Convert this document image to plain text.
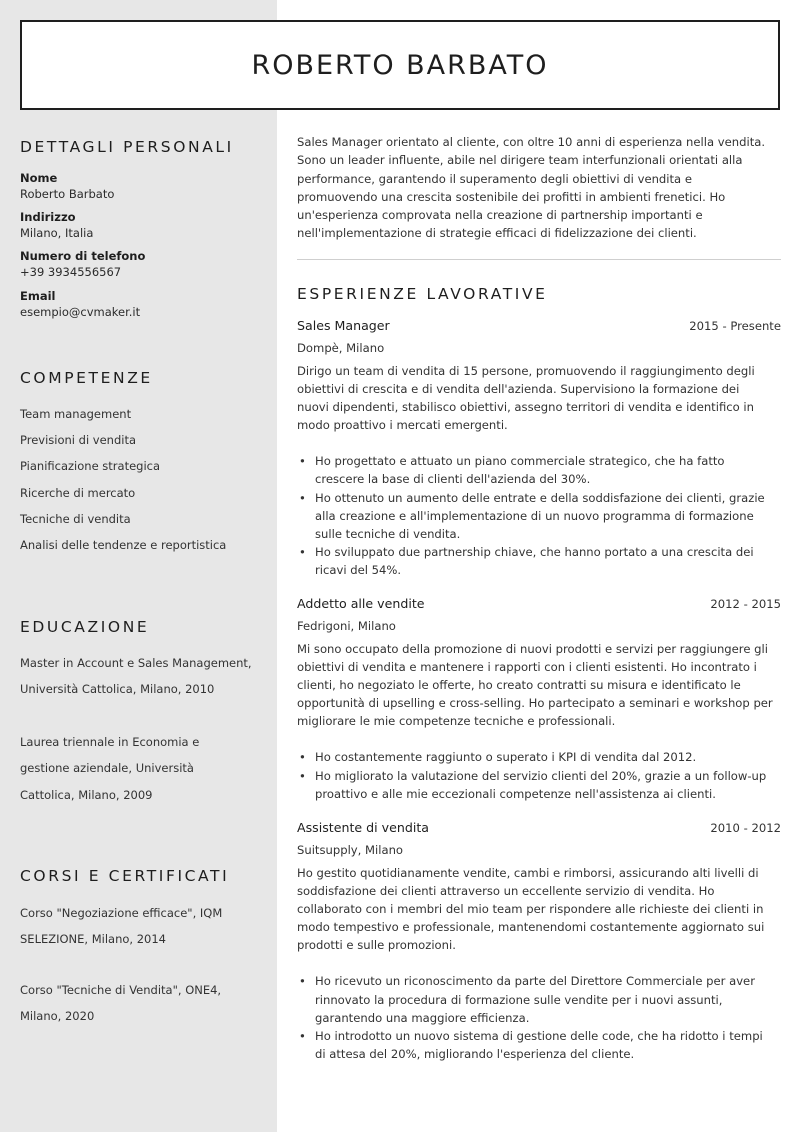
ROBERTO BARBATO
DETTAGLI PERSONALI
Nome
Roberto Barbato
Indirizzo
Milano, Italia
Numero di telefono
+39 3934556567
Email
esempio@cvmaker.it
COMPETENZE
Team management
Previsioni di vendita
Pianificazione strategica
Ricerche di mercato
Tecniche di vendita
Analisi delle tendenze e reportistica
EDUCAZIONE
Master in Account e Sales Management, Università Cattolica, Milano, 2010
Laurea triennale in Economia e gestione aziendale, Università Cattolica, Milano, 2009
CORSI E CERTIFICATI
Corso "Negoziazione efficace", IQM SELEZIONE, Milano, 2014
Corso "Tecniche di Vendita", ONE4, Milano, 2020

Sales Manager orientato al cliente, con oltre 10 anni di esperienza nella vendita. Sono un leader influente, abile nel dirigere team interfunzionali orientati alla performance, garantendo il superamento degli obiettivi di vendita e promuovendo una crescita sostenibile dei profitti in ambienti frenetici. Ho un'esperienza comprovata nella creazione di partnership importanti e nell'implementazione di strategie efficaci di fidelizzazione dei clienti.

ESPERIENZE LAVORATIVE
Sales Manager	2015 - Presente
Dompè, Milano

Dirigo un team di vendita di 15 persone, promuovendo il raggiungimento degli obiettivi di crescita e di vendita dell'azienda. Supervisiono la formazione dei nuovi dipendenti, stabilisco obiettivi, assegno territori di vendita e identifico in modo proattivo i mercati emergenti.

• Ho progettato e attuato un piano commerciale strategico, che ha fatto crescere la base di clienti dell'azienda del 30%.
• Ho ottenuto un aumento delle entrate e della soddisfazione dei clienti, grazie alla creazione e all'implementazione di un nuovo programma di formazione sulle tecniche di vendita.
• Ho sviluppato due partnership chiave, che hanno portato a una crescita dei ricavi del 54%.
Addetto alle vendite	2012 - 2015
Fedrigoni, Milano

Mi sono occupato della promozione di nuovi prodotti e servizi per raggiungere gli obiettivi di vendita e mantenere i rapporti con i clienti esistenti. Ho incontrato i clienti, ho negoziato le offerte, ho creato contratti su misura e identificato le opportunità di upselling e cross-selling. Ho partecipato a seminari e workshop per migliorare le mie competenze tecniche e professionali.

• Ho costantemente raggiunto o superato i KPI di vendita dal 2012.
• Ho migliorato la valutazione del servizio clienti del 20%, grazie a un follow-up proattivo e alle mie eccezionali competenze nell'assistenza ai clienti.
Assistente di vendita	2010 - 2012
Suitsupply, Milano

Ho gestito quotidianamente vendite, cambi e rimborsi, assicurando alti livelli di soddisfazione dei clienti attraverso un eccellente servizio di vendita. Ho collaborato con i membri del mio team per rispondere alle richieste dei clienti in modo tempestivo e professionale, mantenendomi costantemente aggiornato sui prodotti e sulle promozioni.

• Ho ricevuto un riconoscimento da parte del Direttore Commerciale per aver rinnovato la procedura di formazione sulle vendite per i nuovi assunti, garantendo una maggiore efficienza.
• Ho introdotto un nuovo sistema di gestione delle code, che ha ridotto i tempi di attesa del 20%, migliorando l'esperienza del cliente.
